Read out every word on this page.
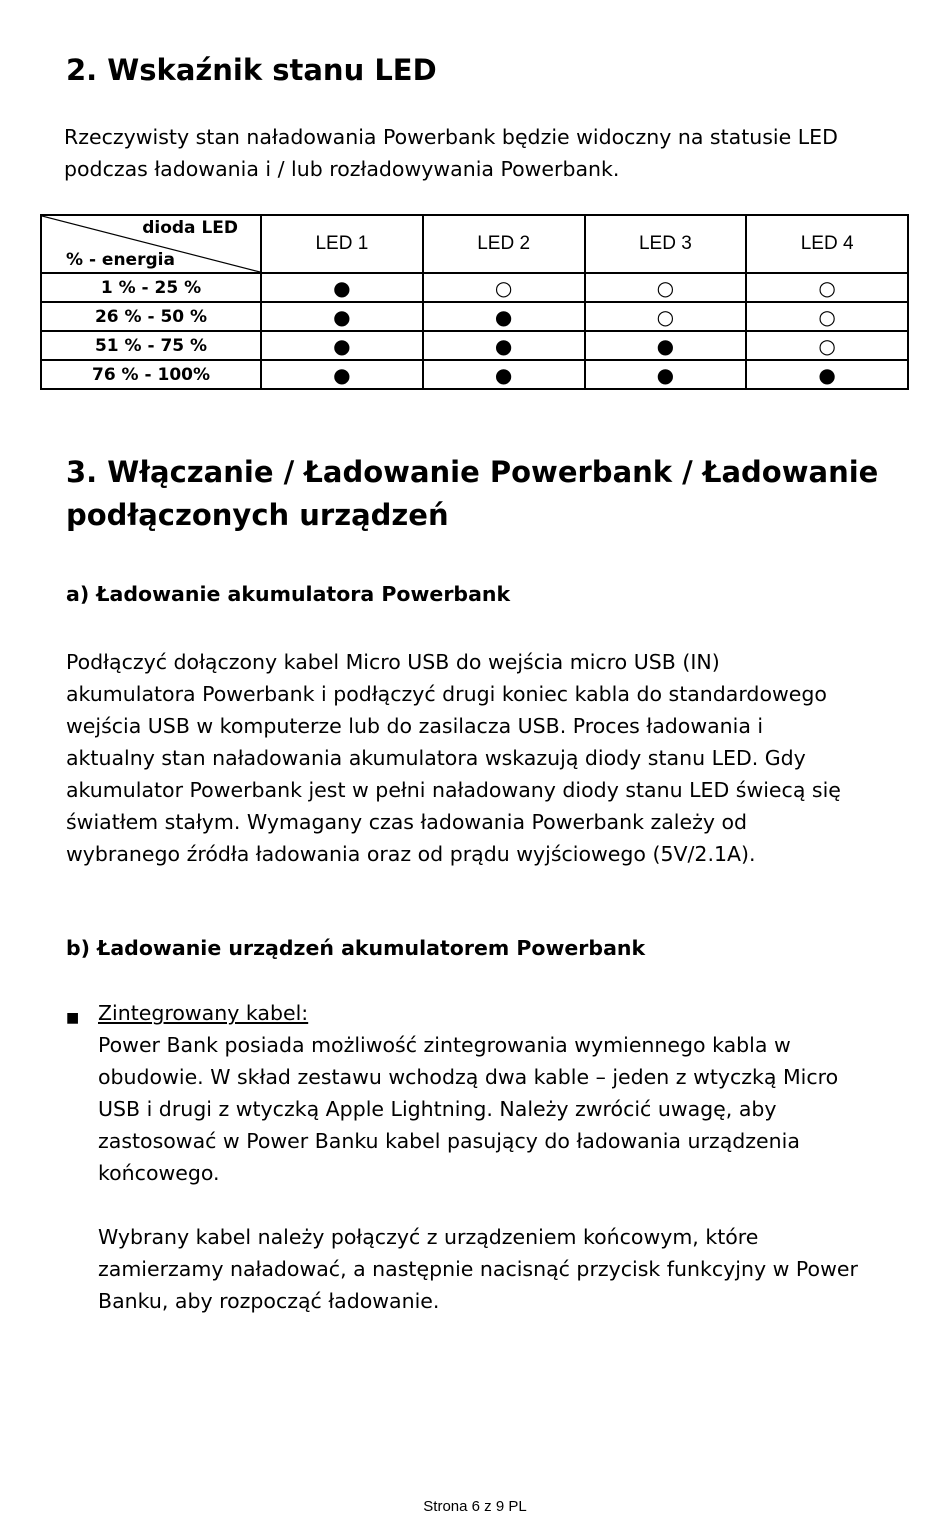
2. Wskaźnik stanu LED

Rzeczywisty stan naładowania Powerbank będzie widoczny na statusie LED podczas ładowania i / lub rozładowywania Powerbank.

dioda LED
% - energia	LED 1	LED 2	LED 3	LED 4
1 % - 25 %	●	○	○	○
26 % - 50 %	●	●	○	○
51 % - 75 %	●	●	●	○
76 % - 100%	●	●	●	●
3. Włączanie / Ładowanie Powerbank / Ładowanie
podłączonych urządzeń
a) Ładowanie akumulatora Powerbank
Podłączyć dołączony kabel Micro USB do wejścia micro USB (IN)
akumulatora Powerbank i podłączyć drugi koniec kabla do standardowego
wejścia USB w komputerze lub do zasilacza USB. Proces ładowania i
aktualny stan naładowania akumulatora wskazują diody stanu LED. Gdy
akumulator Powerbank jest w pełni naładowany diody stanu LED świecą się
światłem stałym. Wymagany czas ładowania Powerbank zależy od
wybranego źródła ładowania oraz od prądu wyjściowego (5V/2.1A).
b) Ładowanie urządzeń akumulatorem Powerbank
■ Zintegrowany kabel:
Power Bank posiada możliwość zintegrowania wymiennego kabla w
obudowie. W skład zestawu wchodzą dwa kable – jeden z wtyczką Micro
USB i drugi z wtyczką Apple Lightning. Należy zwrócić uwagę, aby
zastosować w Power Banku kabel pasujący do ładowania urządzenia
końcowego.
Wybrany kabel należy połączyć z urządzeniem końcowym, które
zamierzamy naładować, a następnie nacisnąć przycisk funkcyjny w Power
Banku, aby rozpocząć ładowanie.
Strona 6 z 9 PL
